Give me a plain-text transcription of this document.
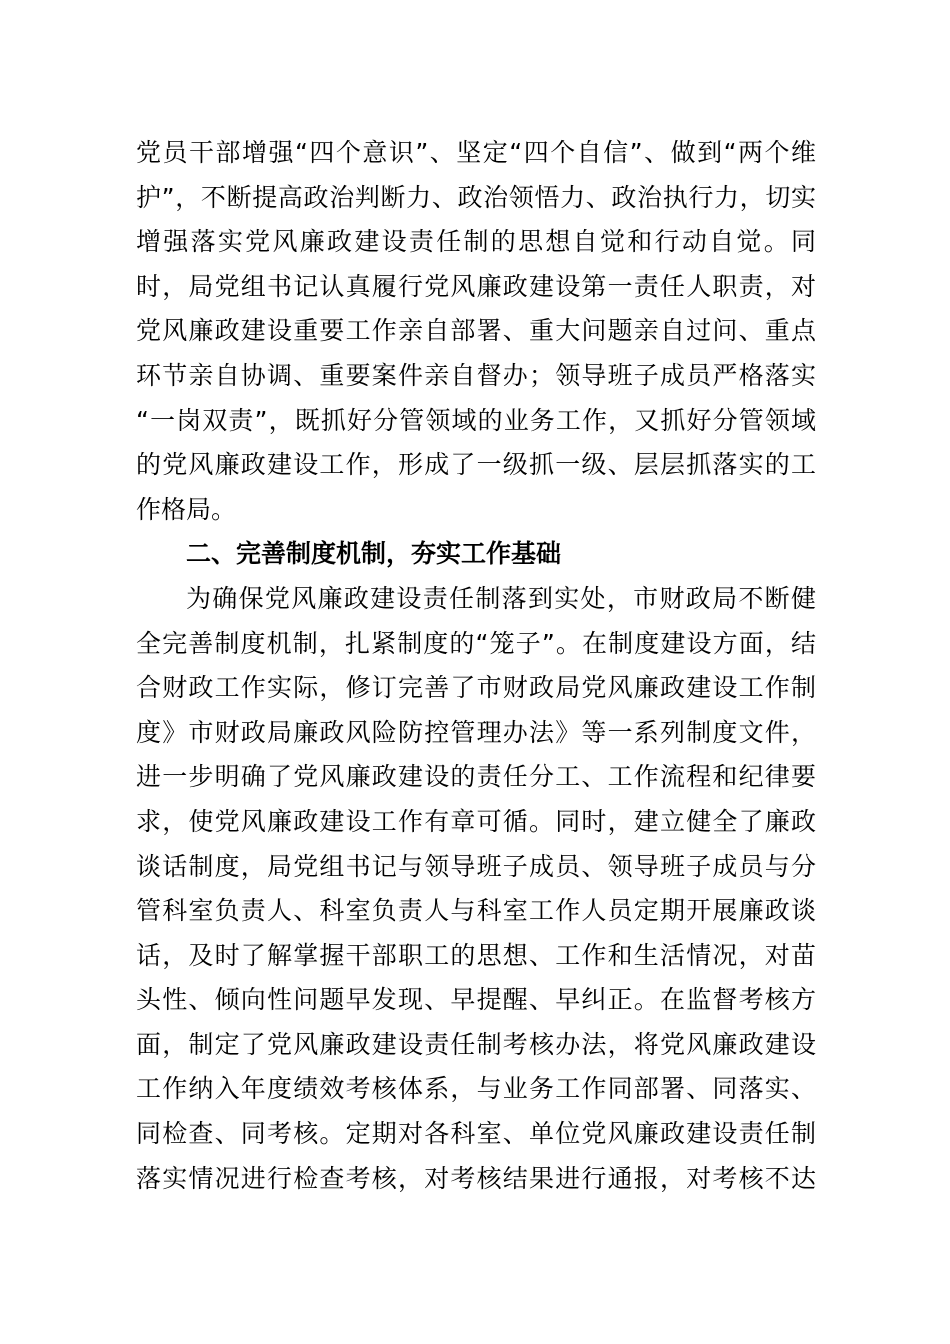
党员干部增强“四个意识”、坚定“四个自信”、做到“两个维
护”，不断提高政治判断力、政治领悟力、政治执行力，切实
增强落实党风廉政建设责任制的思想自觉和行动自觉。同
时，局党组书记认真履行党风廉政建设第一责任人职责，对
党风廉政建设重要工作亲自部署、重大问题亲自过问、重点
环节亲自协调、重要案件亲自督办；领导班子成员严格落实
“一岗双责”，既抓好分管领域的业务工作，又抓好分管领域
的党风廉政建设工作，形成了一级抓一级、层层抓落实的工
作格局。
二、完善制度机制，夯实工作基础
为确保党风廉政建设责任制落到实处，市财政局不断健
全完善制度机制，扎紧制度的“笼子”。在制度建设方面，结
合财政工作实际，修订完善了市财政局党风廉政建设工作制
度》市财政局廉政风险防控管理办法》等一系列制度文件，
进一步明确了党风廉政建设的责任分工、工作流程和纪律要
求，使党风廉政建设工作有章可循。同时，建立健全了廉政
谈话制度，局党组书记与领导班子成员、领导班子成员与分
管科室负责人、科室负责人与科室工作人员定期开展廉政谈
话，及时了解掌握干部职工的思想、工作和生活情况，对苗
头性、倾向性问题早发现、早提醒、早纠正。在监督考核方
面，制定了党风廉政建设责任制考核办法，将党风廉政建设
工作纳入年度绩效考核体系，与业务工作同部署、同落实、
同检查、同考核。定期对各科室、单位党风廉政建设责任制
落实情况进行检查考核，对考核结果进行通报，对考核不达
